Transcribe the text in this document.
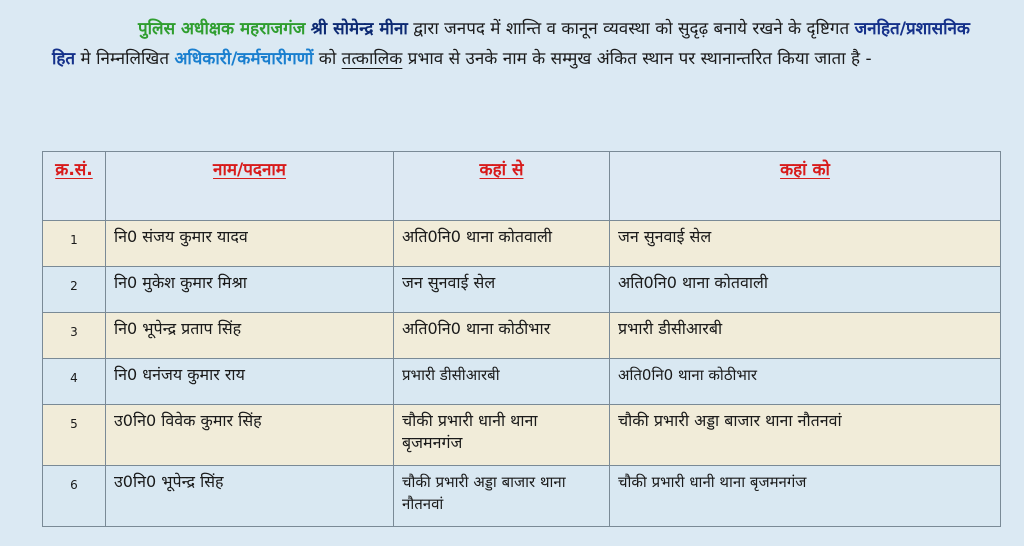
पुलिस अधीक्षक महराजगंज श्री सोमेन्द्र मीना द्वारा जनपद में शान्ति व कानून व्यवस्था को सुदृढ़ बनाये रखने के दृष्टिगत जनहित/प्रशासनिक हित मे निम्नलिखित अधिकारी/कर्मचारीगणों को तत्कालिक प्रभाव से उनके नाम के सम्मुख अंकित स्थान पर स्थानान्तरित किया जाता है -
क्र.सं.	नाम/पदनाम	कहां से	कहां को
1	नि0 संजय कुमार यादव	अति0नि0 थाना कोतवाली	जन सुनवाई सेल
2	नि0 मुकेश कुमार मिश्रा	जन सुनवाई सेल	अति0नि0 थाना कोतवाली
3	नि0 भूपेन्द्र प्रताप सिंह	अति0नि0 थाना कोठीभार	प्रभारी डीसीआरबी
4	नि0 धनंजय कुमार राय	प्रभारी डीसीआरबी	अति0नि0 थाना कोठीभार
5	उ0नि0 विवेक कुमार सिंह	चौकी प्रभारी धानी थाना बृजमनगंज	चौकी प्रभारी अड्डा बाजार थाना नौतनवां
6	उ0नि0 भूपेन्द्र सिंह	चौकी प्रभारी अड्डा बाजार थाना नौतनवां	चौकी प्रभारी धानी थाना बृजमनगंज
